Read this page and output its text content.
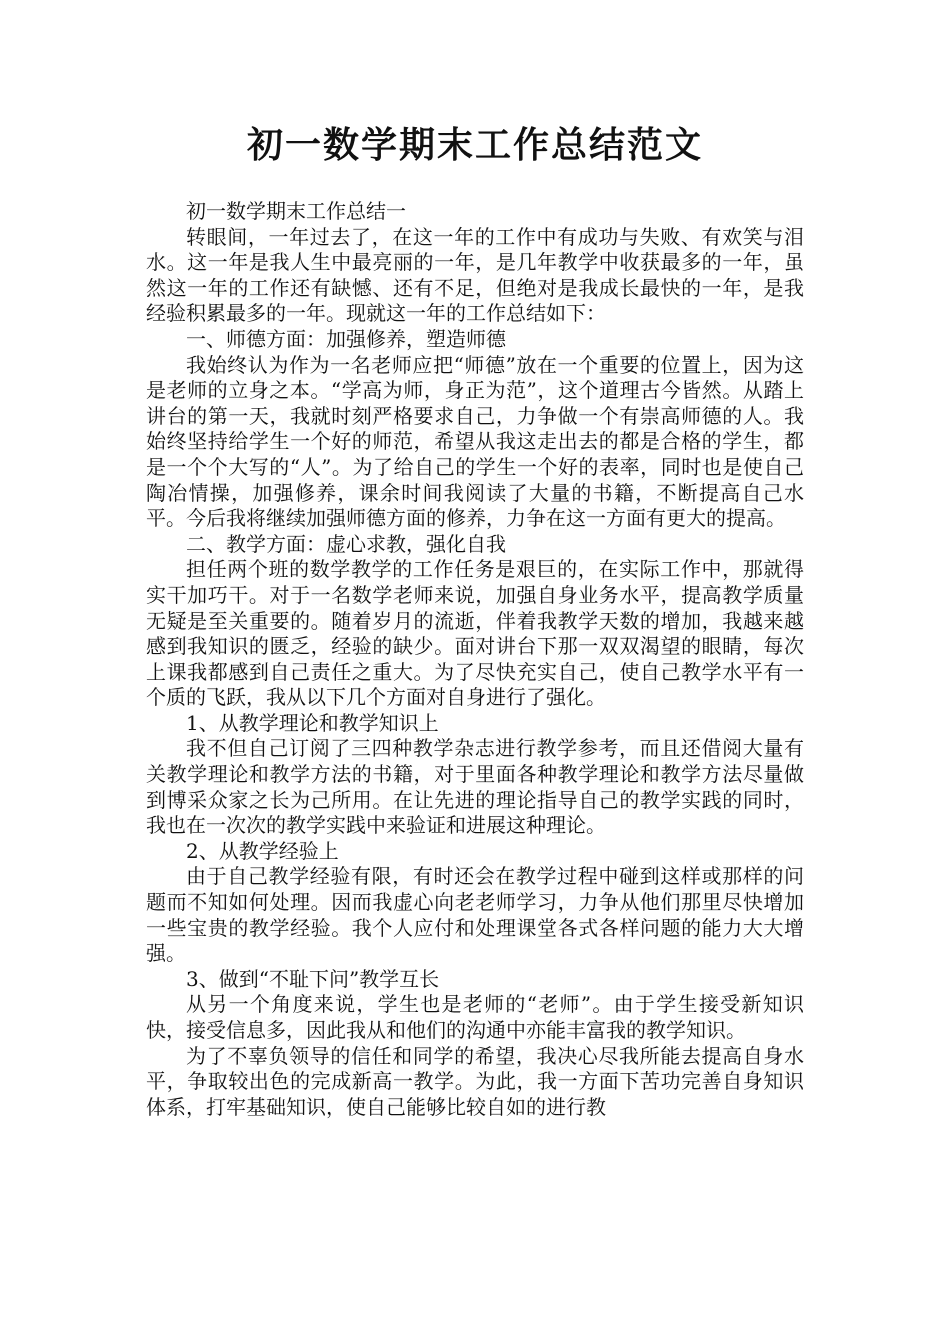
初一数学期末工作总结范文

初一数学期末工作总结一

转眼间，一年过去了，在这一年的工作中有成功与失败、有欢笑与泪水。这一年是我人生中最亮丽的一年，是几年教学中收获最多的一年，虽然这一年的工作还有缺憾、还有不足，但绝对是我成长最快的一年，是我经验积累最多的一年。现就这一年的工作总结如下：

一、师德方面：加强修养，塑造师德

我始终认为作为一名老师应把“师德”放在一个重要的位置上，因为这是老师的立身之本。“学高为师，身正为范”，这个道理古今皆然。从踏上讲台的第一天，我就时刻严格要求自己，力争做一个有崇高师德的人。我始终坚持给学生一个好的师范，希望从我这走出去的都是合格的学生，都是一个个大写的“人”。为了给自己的学生一个好的表率，同时也是使自己陶冶情操，加强修养，课余时间我阅读了大量的书籍，不断提高自己水平。今后我将继续加强师德方面的修养，力争在这一方面有更大的提高。

二、教学方面：虚心求教，强化自我

担任两个班的数学教学的工作任务是艰巨的，在实际工作中，那就得实干加巧干。对于一名数学老师来说，加强自身业务水平，提高教学质量无疑是至关重要的。随着岁月的流逝，伴着我教学天数的增加，我越来越感到我知识的匮乏，经验的缺少。面对讲台下那一双双渴望的眼睛，每次上课我都感到自己责任之重大。为了尽快充实自己，使自己教学水平有一个质的飞跃，我从以下几个方面对自身进行了强化。

1、从教学理论和教学知识上

我不但自己订阅了三四种教学杂志进行教学参考，而且还借阅大量有关教学理论和教学方法的书籍，对于里面各种教学理论和教学方法尽量做到博采众家之长为己所用。在让先进的理论指导自己的教学实践的同时，我也在一次次的教学实践中来验证和进展这种理论。

2、从教学经验上

由于自己教学经验有限，有时还会在教学过程中碰到这样或那样的问题而不知如何处理。因而我虚心向老老师学习，力争从他们那里尽快增加一些宝贵的教学经验。我个人应付和处理课堂各式各样问题的能力大大增强。

3、做到“不耻下问”教学互长

从另一个角度来说，学生也是老师的“老师”。由于学生接受新知识快，接受信息多，因此我从和他们的沟通中亦能丰富我的教学知识。

为了不辜负领导的信任和同学的希望，我决心尽我所能去提高自身水平，争取较出色的完成新高一教学。为此，我一方面下苦功完善自身知识体系，打牢基础知识，使自己能够比较自如的进行教
